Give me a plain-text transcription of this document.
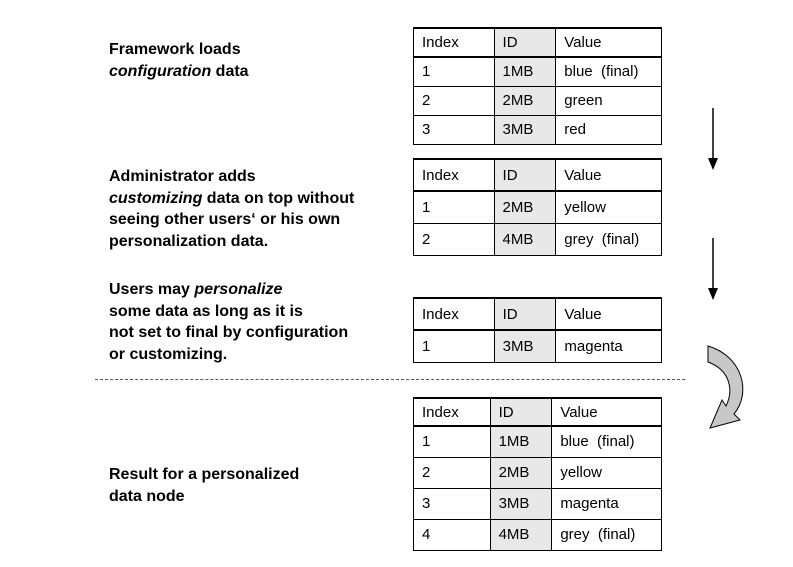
Framework loads
configuration data
Administrator adds
customizing data on top without
seeing other users‘ or his own
personalization data.
Users may personalize
some data as long as it is
not set to final by configuration
or customizing.
Result for a personalized
data node
Index	ID	Value
1	1MB	blue  (final)
2	2MB	green
3	3MB	red
Index	ID	Value
1	2MB	yellow
2	4MB	grey  (final)
Index	ID	Value
1	3MB	magenta
Index	ID	Value
1	1MB	blue  (final)
2	2MB	yellow
3	3MB	magenta
4	4MB	grey  (final)
